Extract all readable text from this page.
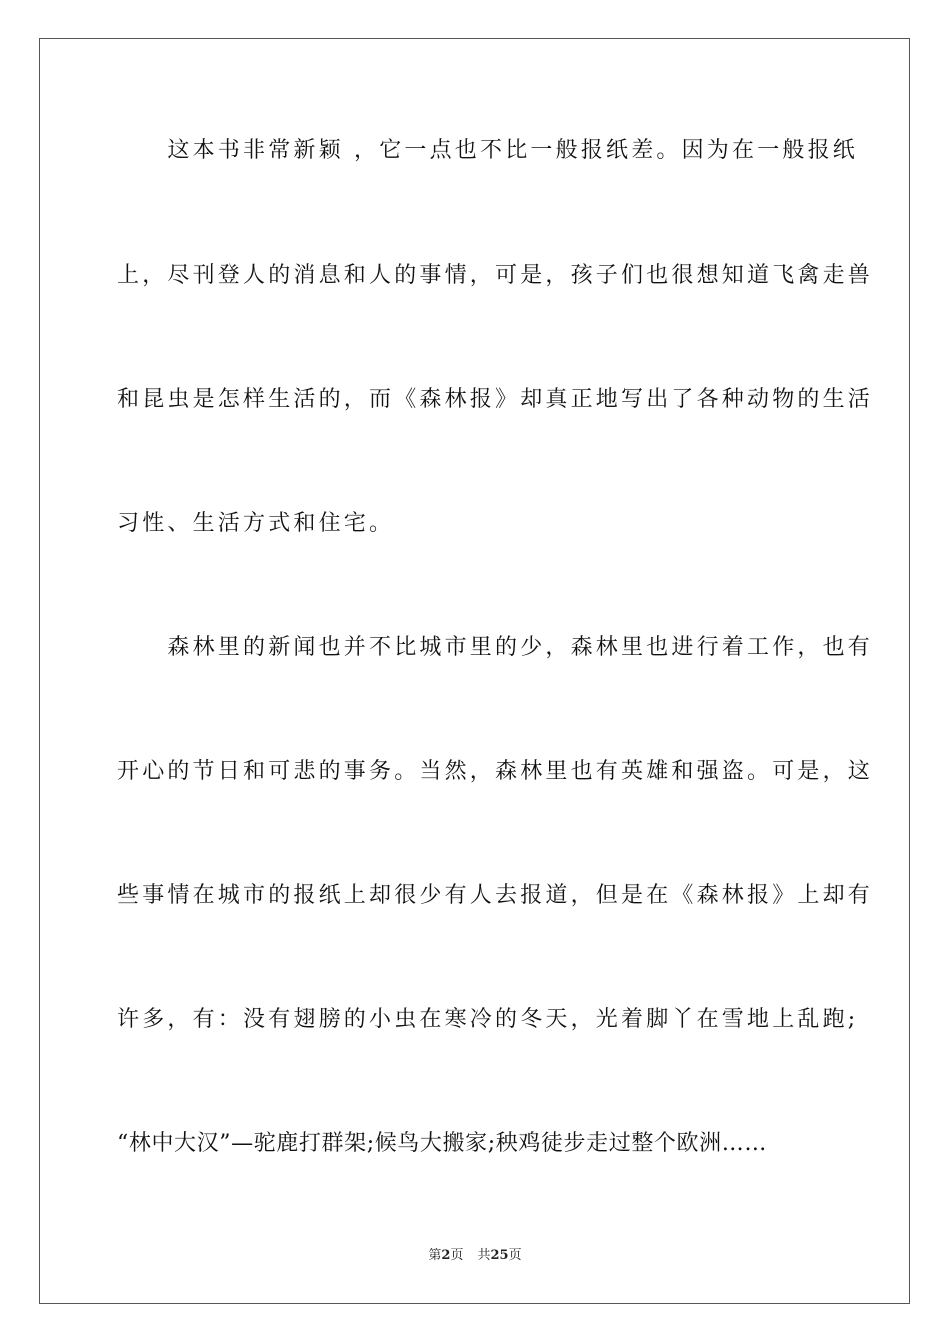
　　这本书非常新颖 ，它一点也不比一般报纸差。因为在一般报纸
上，尽刊登人的消息和人的事情，可是，孩子们也很想知道飞禽走兽
和昆虫是怎样生活的，而《森林报》却真正地写出了各种动物的生活
习性、生活方式和住宅。
　　森林里的新闻也并不比城市里的少，森林里也进行着工作，也有
开心的节日和可悲的事务。当然，森林里也有英雄和强盗。可是，这
些事情在城市的报纸上却很少有人去报道，但是在《森林报》上却有
许多，有：没有翅膀的小虫在寒冷的冬天，光着脚丫在雪地上乱跑;
“林中大汉”—驼鹿打群架;候鸟大搬家;秧鸡徒步走过整个欧洲……
第2页 共25页
